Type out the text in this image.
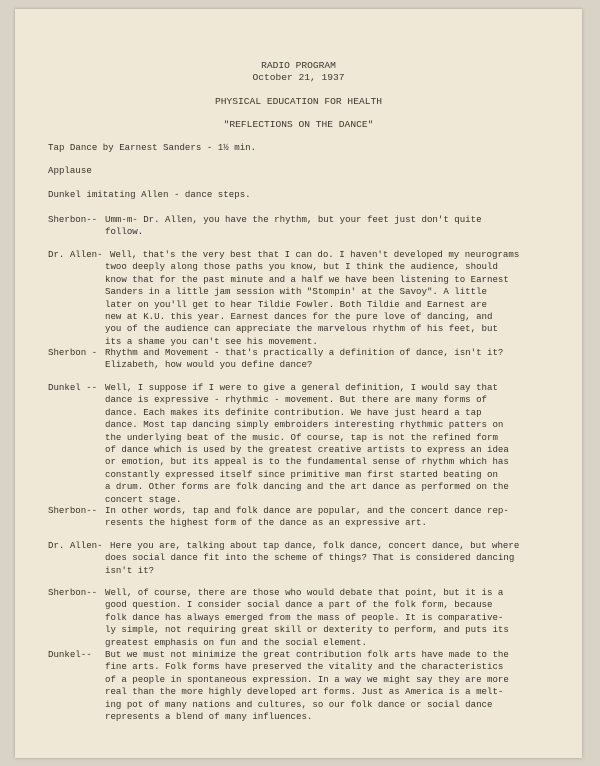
RADIO PROGRAM
October 21, 1937
PHYSICAL EDUCATION FOR HEALTH
"REFLECTIONS ON THE DANCE"
Tap Dance by Earnest Sanders - 1½ min.
Applause
Dunkel imitating Allen - dance steps.
Sherbon-- Umm-m- Dr. Allen, you have the rhythm, but your feet just don't quite
follow.
Dr. Allen- Well, that's the very best that I can do. I haven't developed my neurograms
twoo deeply along those paths you know, but I think the audience, should
know that for the past minute and a half we have been listening to Earnest
Sanders in a little jam session with "Stompin' at the Savoy". A little
later on you'll get to hear Tildie Fowler. Both Tildie and Earnest are
new at K.U. this year. Earnest dances for the pure love of dancing, and
you of the audience can appreciate the marvelous rhythm of his feet, but
its a shame you can't see his movement.
Sherbon - Rhythm and Movement - that's practically a definition of dance, isn't it?
Elizabeth, how would you define dance?
Dunkel -- Well, I suppose if I were to give a general definition, I would say that
dance is expressive - rhythmic - movement. But there are many forms of
dance. Each makes its definite contribution. We have just heard a tap
dance. Most tap dancing simply embroiders interesting rhythmic patters on
the underlying beat of the music. Of course, tap is not the refined form
of dance which is used by the greatest creative artists to express an idea
or emotion, but its appeal is to the fundamental sense of rhythm which has
constantly expressed itself since primitive man first started beating on
a drum. Other forms are folk dancing and the art dance as performed on the
concert stage.
Sherbon-- In other words, tap and folk dance are popular, and the concert dance rep-
resents the highest form of the dance as an expressive art.
Dr. Allen- Here you are, talking about tap dance, folk dance, concert dance, but where
does social dance fit into the scheme of things? That is considered dancing
isn't it?
Sherbon-- Well, of course, there are those who would debate that point, but it is a
good question. I consider social dance a part of the folk form, because
folk dance has always emerged from the mass of people. It is comparative-
ly simple, not requiring great skill or dexterity to perform, and puts its
greatest emphasis on fun and the social element.
Dunkel-- But we must not minimize the great contribution folk arts have made to the
fine arts. Folk forms have preserved the vitality and the characteristics
of a people in spontaneous expression. In a way we might say they are more
real than the more highly developed art forms. Just as America is a melt-
ing pot of many nations and cultures, so our folk dance or social dance
represents a blend of many influences.
